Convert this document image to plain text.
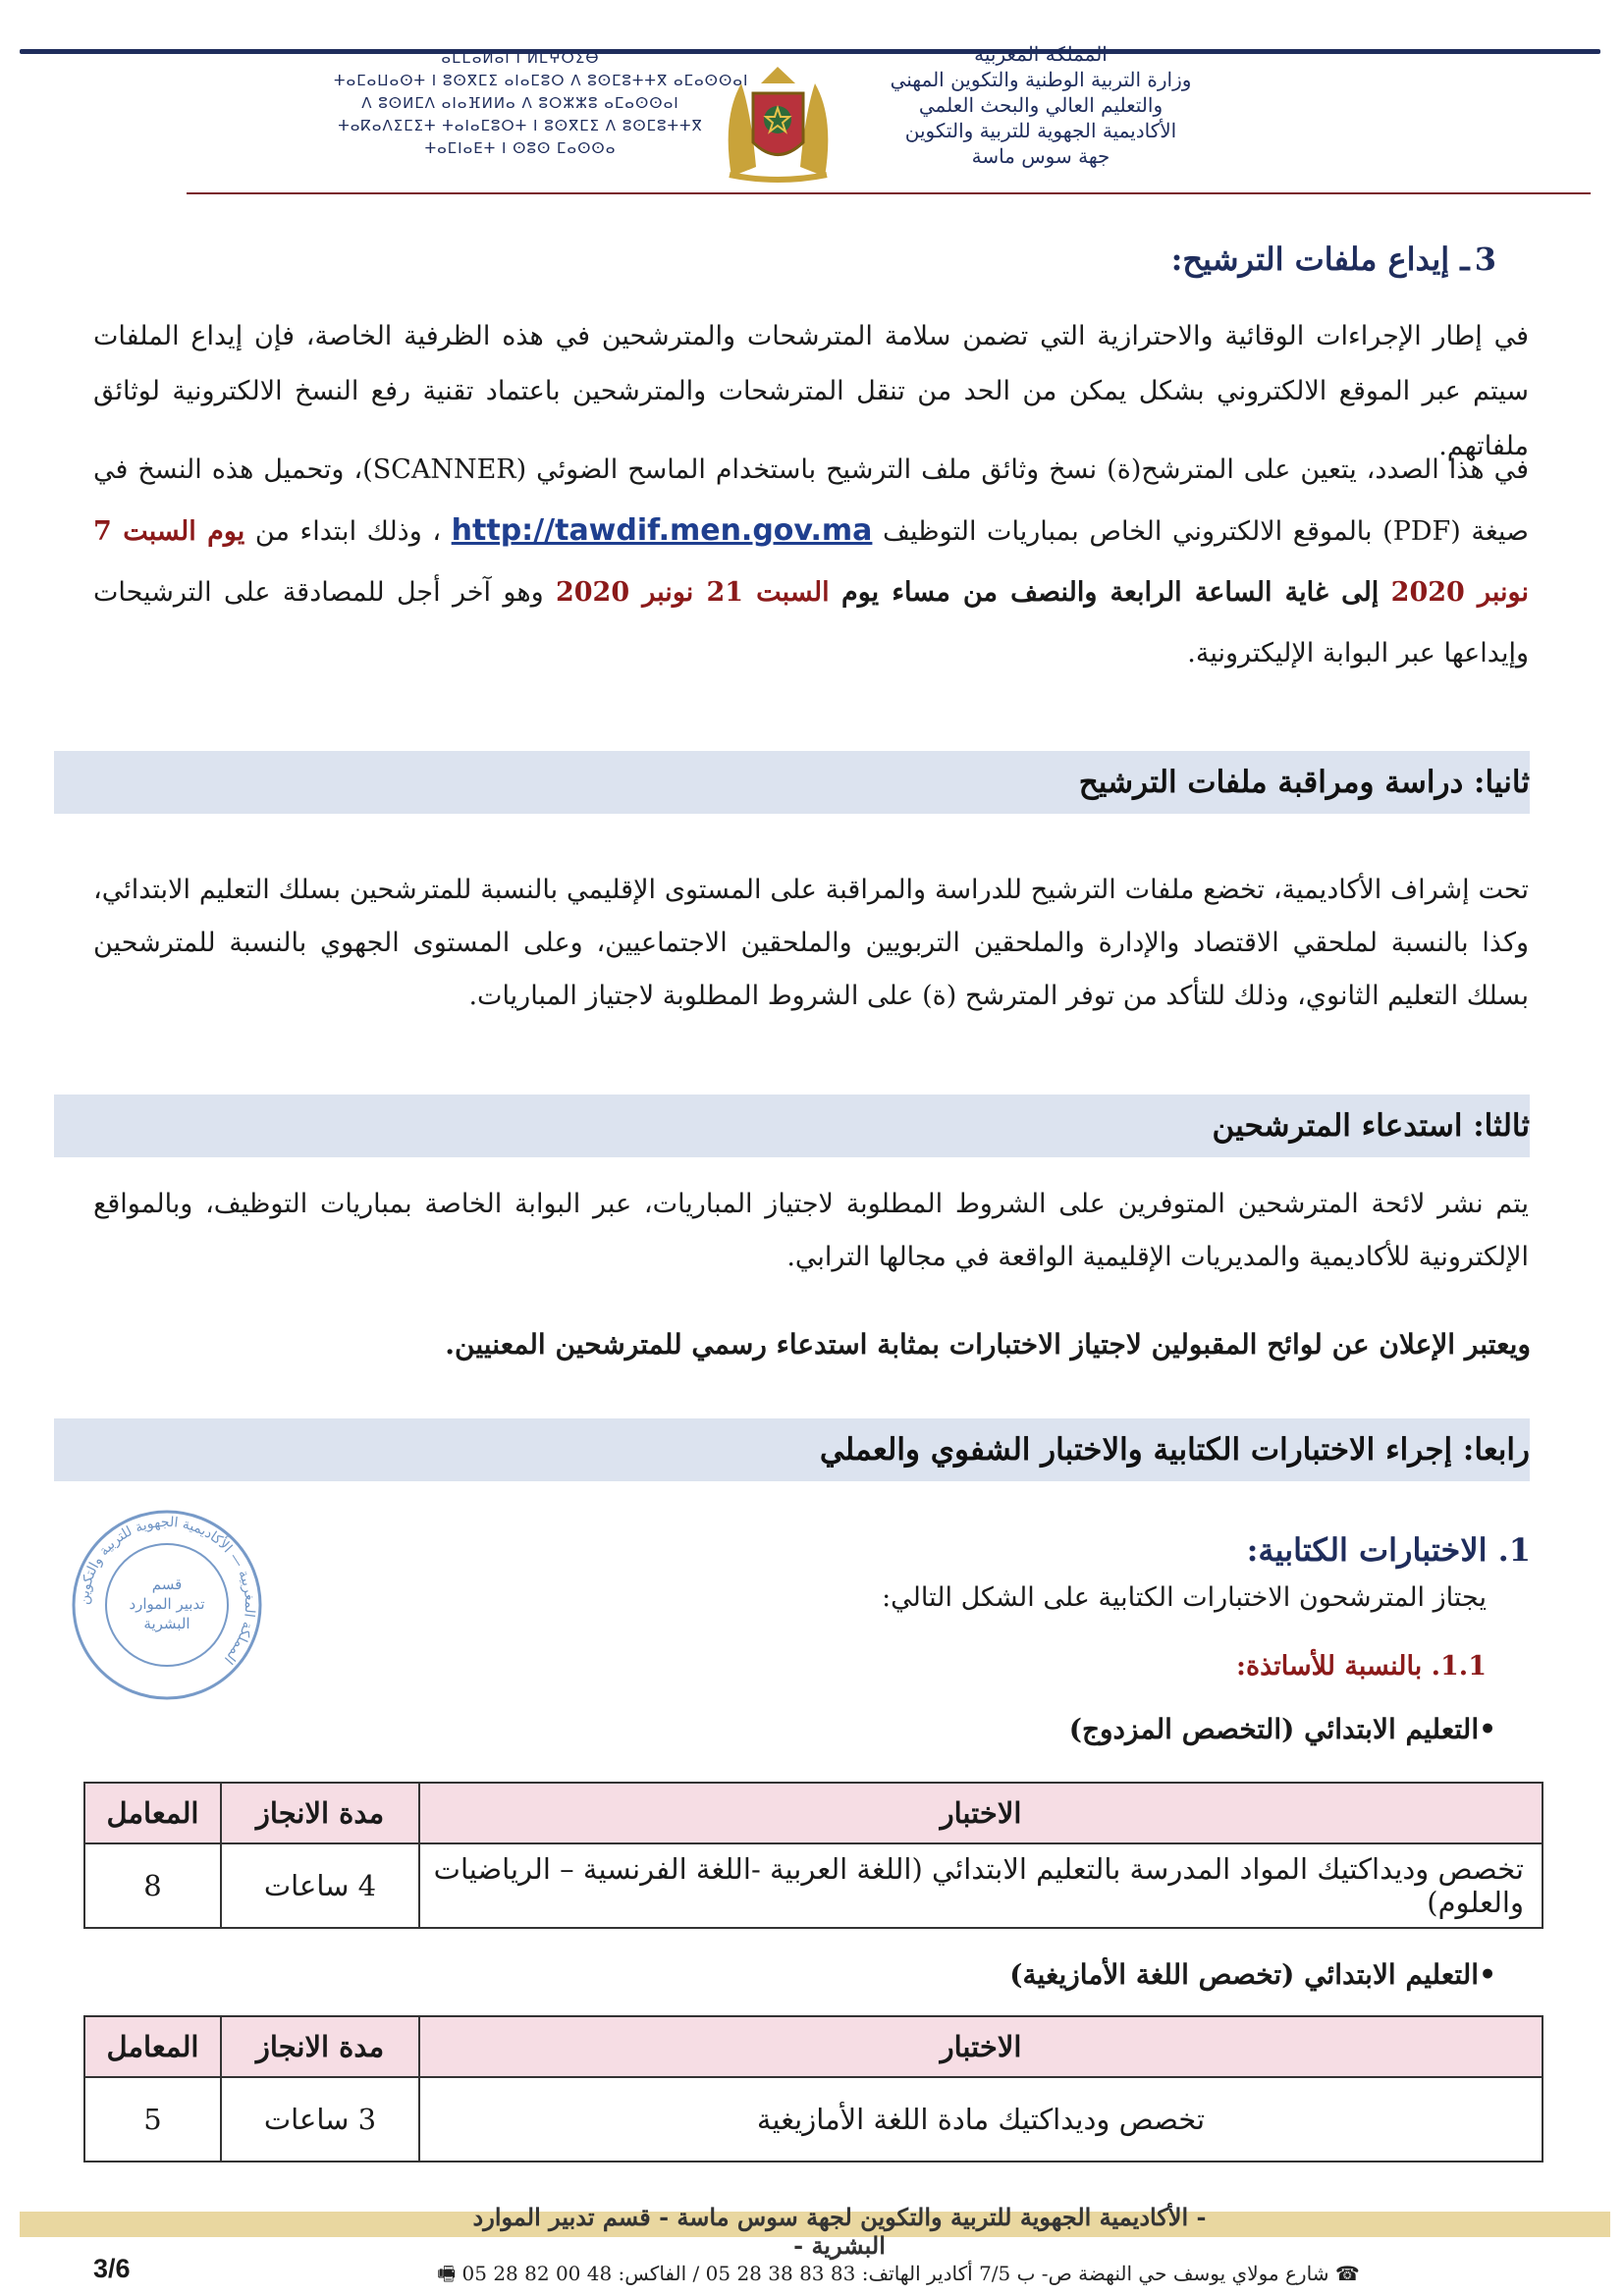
المملكة المغربية
وزارة التربية الوطنية والتكوين المهني
والتعليم العالي والبحث العلمي
الأكاديمية الجهوية للتربية والتكوين
جهة سوس ماسة
ⴰⵎⵎⴰⵍⴰⵏ ⵏ ⵍⵎⵖⵔⵉⴱ
ⵜⴰⵎⴰⵡⴰⵙⵜ ⵏ ⵓⵙⴳⵎⵉ ⴰⵏⴰⵎⵓⵔ ⴷ ⵓⵙⵎⵓⵜⵜⴳ ⴰⵎⴰⵙⵙⴰⵏ
ⴷ ⵓⵙⵍⵎⴷ ⴰⵏⴰⴼⵍⵍⴰ ⴷ ⵓⵔⵣⵣⵓ ⴰⵎⴰⵙⵙⴰⵏ
ⵜⴰⴽⴰⴷⵉⵎⵉⵜ ⵜⴰⵏⴰⵎⵓⵔⵜ ⵏ ⵓⵙⴳⵎⵉ ⴷ ⵓⵙⵎⵓⵜⵜⴳ
ⵜⴰⵎⵏⴰⴹⵜ ⵏ ⵙⵓⵙ ⵎⴰⵙⵙⴰ
3 ـ إيداع ملفات الترشيح:
في إطار الإجراءات الوقائية والاحترازية التي تضمن سلامة المترشحات والمترشحين في هذه الظرفية الخاصة، فإن إيداع الملفات سيتم عبر الموقع الالكتروني بشكل يمكن من الحد من تنقل المترشحات والمترشحين باعتماد تقنية رفع النسخ الالكترونية لوثائق ملفاتهم.
في هذا الصدد، يتعين على المترشح(ة) نسخ وثائق ملف الترشيح باستخدام الماسح الضوئي (SCANNER)، وتحميل هذه النسخ في صيغة (PDF) بالموقع الالكتروني الخاص بمباريات التوظيف http://tawdif.men.gov.ma ، وذلك ابتداء من يوم السبت 7 نونبر 2020 إلى غاية الساعة الرابعة والنصف من مساء يوم السبت 21 نونبر 2020 وهو آخر أجل للمصادقة على الترشيحات وإيداعها عبر البوابة الإليكترونية.
ثانيا: دراسة ومراقبة ملفات الترشيح
تحت إشراف الأكاديمية، تخضع ملفات الترشيح للدراسة والمراقبة على المستوى الإقليمي بالنسبة للمترشحين بسلك التعليم الابتدائي، وكذا بالنسبة لملحقي الاقتصاد والإدارة والملحقين التربويين والملحقين الاجتماعيين، وعلى المستوى الجهوي بالنسبة للمترشحين بسلك التعليم الثانوي، وذلك للتأكد من توفر المترشح (ة) على الشروط المطلوبة لاجتياز المباريات.
ثالثا: استدعاء المترشحين
يتم نشر لائحة المترشحين المتوفرين على الشروط المطلوبة لاجتياز المباريات، عبر البوابة الخاصة بمباريات التوظيف، وبالمواقع الإلكترونية للأكاديمية والمديريات الإقليمية الواقعة في مجالها الترابي.
ويعتبر الإعلان عن لوائح المقبولين لاجتياز الاختبارات بمثابة استدعاء رسمي للمترشحين المعنيين.
رابعا: إجراء الاختبارات الكتابية والاختبار الشفوي والعملي
1. الاختبارات الكتابية:
يجتاز المترشحون الاختبارات الكتابية على الشكل التالي:
1.1. بالنسبة للأساتذة:
المملكة المغربية — الأكاديمية الجهوية للتربية والتكوين
قسم
تدبير الموارد
البشرية
•التعليم الابتدائي (التخصص المزدوج)
الاختبار	مدة الانجاز	المعامل
تخصص وديداكتيك المواد المدرسة بالتعليم الابتدائي (اللغة العربية -اللغة الفرنسية – الرياضيات والعلوم)	4 ساعات	8
•التعليم الابتدائي (تخصص اللغة الأمازيغية)
الاختبار	مدة الانجاز	المعامل
تخصص وديداكتيك مادة اللغة الأمازيغية	3 ساعات	5
- الأكاديمية الجهوية للتربية والتكوين لجهة سوس ماسة - قسم تدبير الموارد البشرية -
☎ شارع مولاي يوسف حي النهضة ص- ب 7/5 أكادير الهاتف: 83 83 38 28 05 / الفاكس: 48 00 82 28 05 🖷
3/6
